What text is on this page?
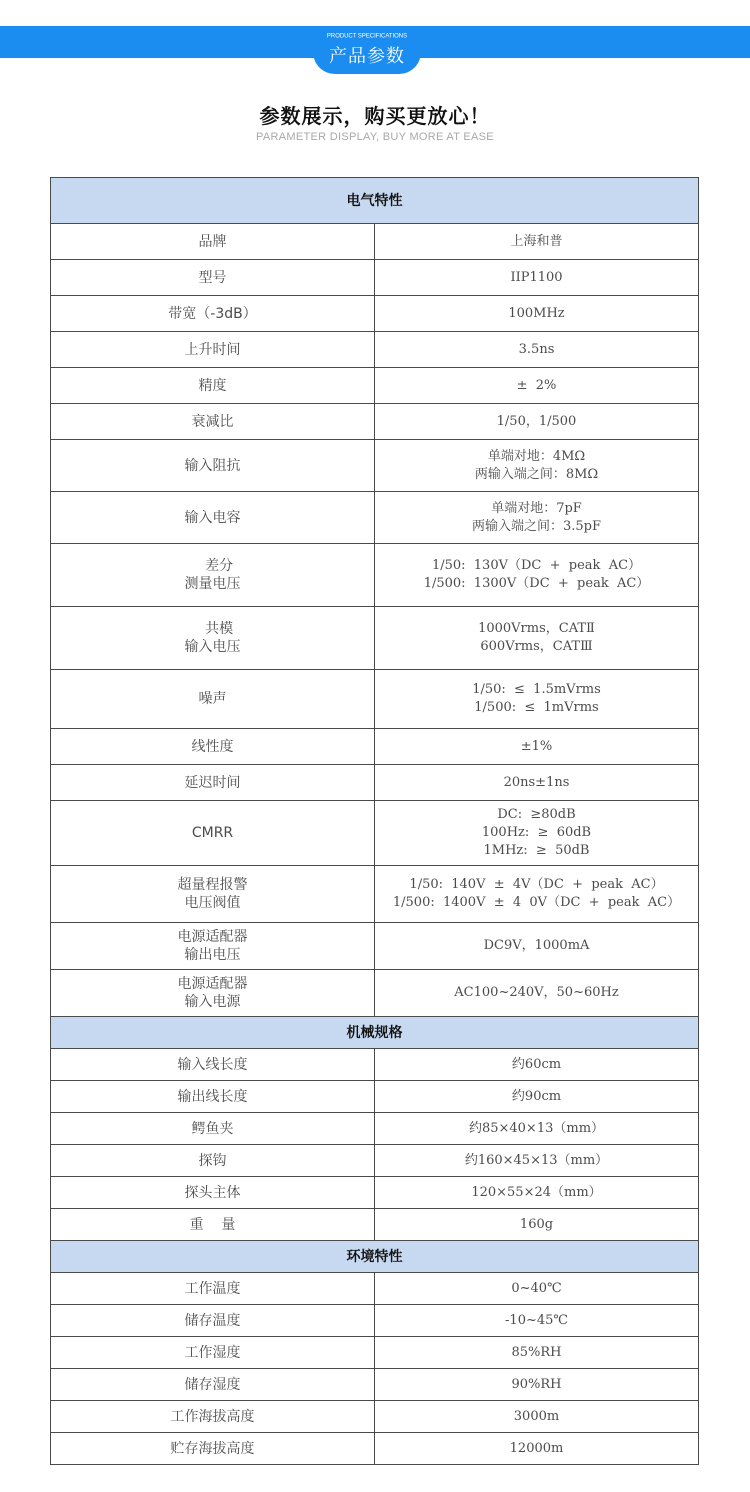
PRODUCT SPECIFICATIONS
产品参数
参数展示，购买更放心！
PARAMETER DISPLAY, BUY MORE AT EASE
电气特性	

品牌	上海和普

型号	IIP1100

带宽（-3dB）	100MHz

上升时间	3.5ns

精度	±  2%

衰减比	1/50，1/500

输入阻抗	单端对地：4MΩ
两输入端之间：8MΩ

输入电容	单端对地：7pF
两输入端之间：3.5pF

差分
测量电压	1/50:  130V（DC  +  peak  AC）
1/500:  1300V（DC  +  peak  AC）

共模
输入电压	1000Vrms，CATⅡ
600Vrms，CATⅢ

噪声	1/50:  ≤  1.5mVrms
1/500:  ≤  1mVrms

线性度	±1%

延迟时间	20ns±1ns

CMRR	DC:  ≥80dB
100Hz:  ≥  60dB
1MHz:  ≥  50dB

超量程报警
电压阀值	1/50:  140V  ±  4V（DC  +  peak  AC）
1/500:  1400V  ±  4  0V（DC  +  peak  AC）

电源适配器
输出电压	DC9V，1000mA

电源适配器
输入电源	AC100~240V，50~60Hz

机械规格	

输入线长度	约60cm

输出线长度	约90cm

鳄鱼夹	约85×40×13（mm）

探钩	约160×45×13（mm）

探头主体	120×55×24（mm）

重    量	160g

环境特性	

工作温度	0~40℃

储存温度	-10~45℃

工作湿度	85%RH

储存湿度	90%RH

工作海拔高度	3000m

贮存海拔高度	12000m
